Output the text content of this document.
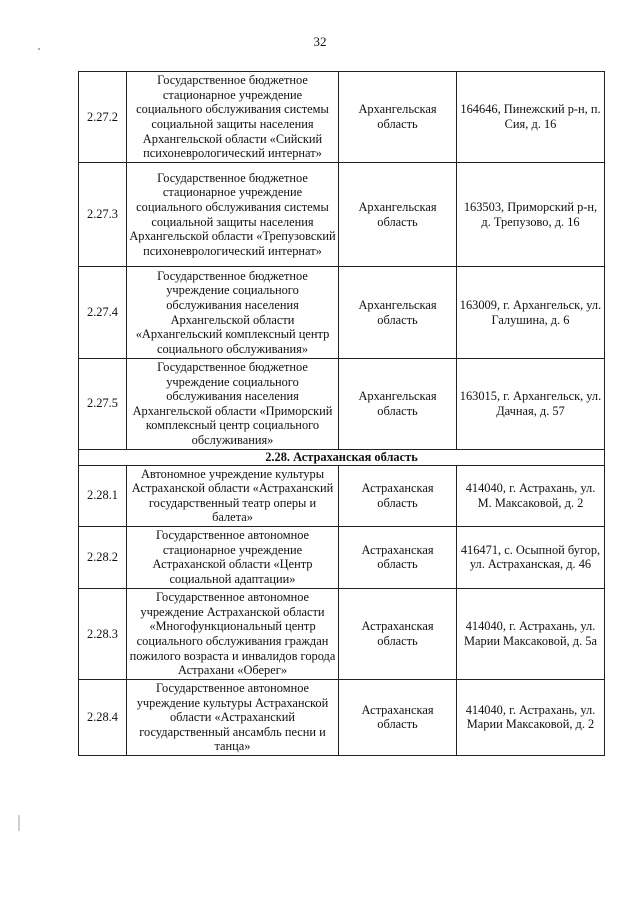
32
2.27.2	Государственное бюджетное стационарное учреждение социального обслуживания системы социальной защиты населения Архангельской области «Сийский психоневрологический интернат»	Архангельская область	164646, Пинежский р-н, п. Сия, д. 16

2.27.3	Государственное бюджетное стационарное учреждение социального обслуживания системы социальной защиты населения Архангельской области «Трепузовский психоневрологический интернат»	Архангельская область	163503, Приморский р-н, д. Трепузово, д. 16

2.27.4	Государственное бюджетное учреждение социального обслуживания населения Архангельской области «Архангельский комплексный центр социального обслуживания»	Архангельская область	163009, г. Архангельск, ул. Галушина, д. 6

2.27.5	Государственное бюджетное учреждение социального обслуживания населения Архангельской области «Приморский комплексный центр социального обслуживания»	Архангельская область	163015, г. Архангельск, ул. Дачная, д. 57

2.28. Астраханская область			
2.28.1	Автономное учреждение культуры Астраханской области «Астраханский государственный театр оперы и балета»	Астраханская область	414040, г. Астрахань, ул. М. Максаковой, д. 2

2.28.2	Государственное автономное стационарное учреждение Астраханской области «Центр социальной адаптации»	Астраханская область	416471, с. Осыпной бугор, ул. Астраханская, д. 46

2.28.3	Государственное автономное учреждение Астраханской области «Многофункциональный центр социального обслуживания граждан пожилого возраста и инвалидов города Астрахани «Оберег»	Астраханская область	414040, г. Астрахань, ул. Марии Максаковой, д. 5а

2.28.4	Государственное автономное учреждение культуры Астраханской области «Астраханский государственный ансамбль песни и танца»	Астраханская область	414040, г. Астрахань, ул. Марии Максаковой, д. 2
